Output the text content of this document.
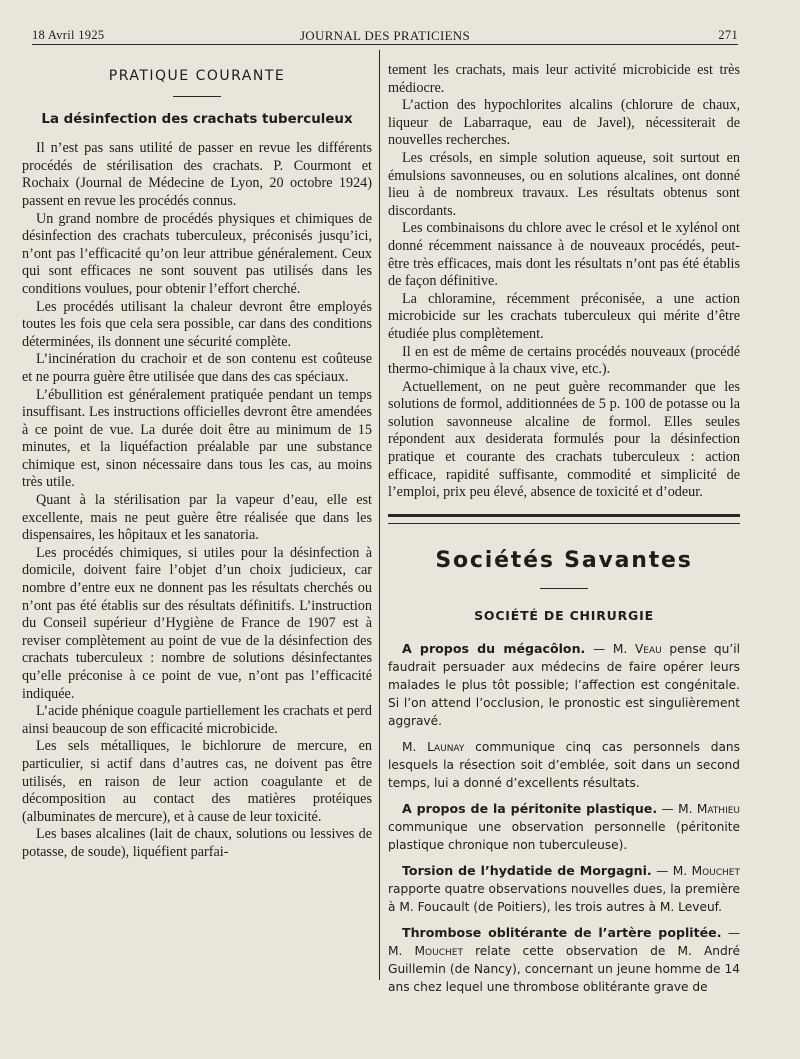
18 Avril 1925	JOURNAL DES PRATICIENS	271
PRATIQUE COURANTE
La désinfection des crachats tuberculeux

Il n’est pas sans utilité de passer en revue les différents procédés de stérilisation des crachats. P. Courmont et Rochaix (Journal de Médecine de Lyon, 20 octobre 1924) passent en revue les procédés connus.

Un grand nombre de procédés physiques et chimiques de désinfection des crachats tuberculeux, préconisés jusqu’ici, n’ont pas l’efficacité qu’on leur attribue généralement. Ceux qui sont efficaces ne sont souvent pas utilisés dans les conditions voulues, pour obtenir l’effort cherché.

Les procédés utilisant la chaleur devront être employés toutes les fois que cela sera possible, car dans des conditions déterminées, ils donnent une sécurité complète.

L’incinération du crachoir et de son contenu est coûteuse et ne pourra guère être utilisée que dans des cas spéciaux.

L’ébullition est généralement pratiquée pendant un temps insuffisant. Les instructions officielles devront être amendées à ce point de vue. La durée doit être au minimum de 15 minutes, et la liquéfaction préalable par une substance chimique est, sinon nécessaire dans tous les cas, au moins très utile.

Quant à la stérilisation par la vapeur d’eau, elle est excellente, mais ne peut guère être réalisée que dans les dispensaires, les hôpitaux et les sanatoria.

Les procédés chimiques, si utiles pour la désinfection à domicile, doivent faire l’objet d’un choix judicieux, car nombre d’entre eux ne donnent pas les résultats cherchés ou n’ont pas été établis sur des résultats définitifs. L’instruction du Conseil supérieur d’Hygiène de France de 1907 est à reviser complètement au point de vue de la désinfection des crachats tuberculeux : nombre de solutions désinfectantes qu’elle préconise à ce point de vue, n’ont pas l’efficacité indiquée.

L’acide phénique coagule partiellement les crachats et perd ainsi beaucoup de son efficacité microbicide.

Les sels métalliques, le bichlorure de mercure, en particulier, si actif dans d’autres cas, ne doivent pas être utilisés, en raison de leur action coagulante et de décomposition au contact des matières protéiques (albuminates de mercure), et à cause de leur toxicité.

Les bases alcalines (lait de chaux, solutions ou lessives de potasse, de soude), liquéfient parfai-

tement les crachats, mais leur activité microbicide est très médiocre.

L’action des hypochlorites alcalins (chlorure de chaux, liqueur de Labarraque, eau de Javel), nécessiterait de nouvelles recherches.

Les crésols, en simple solution aqueuse, soit surtout en émulsions savonneuses, ou en solutions alcalines, ont donné lieu à de nombreux travaux. Les résultats obtenus sont discordants.

Les combinaisons du chlore avec le crésol et le xylénol ont donné récemment naissance à de nouveaux procédés, peut-être très efficaces, mais dont les résultats n’ont pas été établis de façon définitive.

La chloramine, récemment préconisée, a une action microbicide sur les crachats tuberculeux qui mérite d’être étudiée plus complètement.

Il en est de même de certains procédés nouveaux (procédé thermo-chimique à la chaux vive, etc.).

Actuellement, on ne peut guère recommander que les solutions de formol, additionnées de 5 p. 100 de potasse ou la solution savonneuse alcaline de formol. Elles seules répondent aux desiderata formulés pour la désinfection pratique et courante des crachats tuberculeux : action efficace, rapidité suffisante, commodité et simplicité de l’emploi, prix peu élevé, absence de toxicité et d’odeur.

Sociétés Savantes
SOCIÉTÉ DE CHIRURGIE

A propos du mégacôlon. — M. Veau pense qu’il faudrait persuader aux médecins de faire opérer leurs malades le plus tôt possible; l’affection est congénitale. Si l’on attend l’occlusion, le pronostic est singulièrement aggravé.

M. Launay communique cinq cas personnels dans lesquels la résection soit d’emblée, soit dans un second temps, lui a donné d’excellents résultats.

A propos de la péritonite plastique. — M. Mathieu communique une observation personnelle (péritonite plastique chronique non tuberculeuse).

Torsion de l’hydatide de Morgagni. — M. Mouchet rapporte quatre observations nouvelles dues, la première à M. Foucault (de Poitiers), les trois autres à M. Leveuf.

Thrombose oblitérante de l’artère poplitée. — M. Mouchet relate cette observation de M. André Guillemin (de Nancy), concernant un jeune homme de 14 ans chez lequel une thrombose oblitérante grave de
